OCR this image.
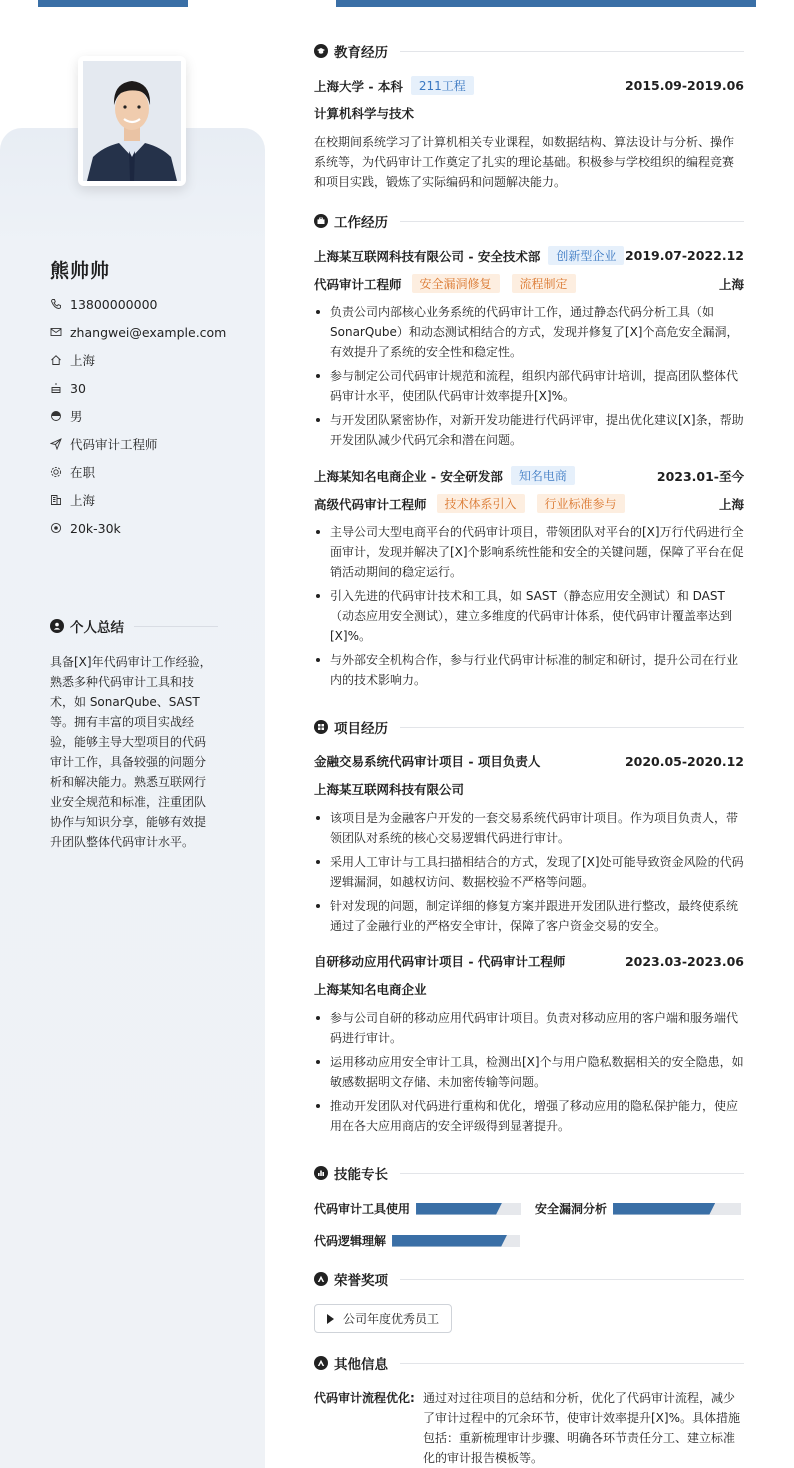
熊帅帅
13800000000
zhangwei@example.com
上海
30
男
代码审计工程师
在职
上海
20k-30k
个人总结
具备[X]年代码审计工作经验，熟悉多种代码审计工具和技术，如 SonarQube、SAST 等。拥有丰富的项目实战经验，能够主导大型项目的代码审计工作，具备较强的问题分析和解决能力。熟悉互联网行业安全规范和标准，注重团队协作与知识分享，能够有效提升团队整体代码审计水平。
教育经历
上海大学 - 本科	211工程	2015.09-2019.06
计算机科学与技术
在校期间系统学习了计算机相关专业课程，如数据结构、算法设计与分析、操作系统等，为代码审计工作奠定了扎实的理论基础。积极参与学校组织的编程竞赛和项目实践，锻炼了实际编码和问题解决能力。
工作经历
上海某互联网科技有限公司 - 安全技术部	创新型企业 2019.07-2022.12
代码审计工程师	安全漏洞修复	流程制定	上海
负责公司内部核心业务系统的代码审计工作，通过静态代码分析工具（如 SonarQube）和动态测试相结合的方式，发现并修复了[X]个高危安全漏洞，有效提升了系统的安全性和稳定性。
参与制定公司代码审计规范和流程，组织内部代码审计培训，提高团队整体代码审计水平，使团队代码审计效率提升[X]%。
与开发团队紧密协作，对新开发功能进行代码评审，提出优化建议[X]条，帮助开发团队减少代码冗余和潜在问题。
上海某知名电商企业 - 安全研发部	知名电商	2023.01-至今
高级代码审计工程师	技术体系引入	行业标准参与	上海
主导公司大型电商平台的代码审计项目，带领团队对平台的[X]万行代码进行全面审计，发现并解决了[X]个影响系统性能和安全的关键问题，保障了平台在促销活动期间的稳定运行。
引入先进的代码审计技术和工具，如 SAST（静态应用安全测试）和 DAST（动态应用安全测试），建立多维度的代码审计体系，使代码审计覆盖率达到[X]%。
与外部安全机构合作，参与行业代码审计标准的制定和研讨，提升公司在行业内的技术影响力。
项目经历
金融交易系统代码审计项目 - 项目负责人	2020.05-2020.12
上海某互联网科技有限公司
该项目是为金融客户开发的一套交易系统代码审计项目。作为项目负责人，带领团队对系统的核心交易逻辑代码进行审计。
采用人工审计与工具扫描相结合的方式，发现了[X]处可能导致资金风险的代码逻辑漏洞，如越权访问、数据校验不严格等问题。
针对发现的问题，制定详细的修复方案并跟进开发团队进行整改，最终使系统通过了金融行业的严格安全审计，保障了客户资金交易的安全。
自研移动应用代码审计项目 - 代码审计工程师	2023.03-2023.06
上海某知名电商企业
参与公司自研的移动应用代码审计项目。负责对移动应用的客户端和服务端代码进行审计。
运用移动应用安全审计工具，检测出[X]个与用户隐私数据相关的安全隐患，如敏感数据明文存储、未加密传输等问题。
推动开发团队对代码进行重构和优化，增强了移动应用的隐私保护能力，使应用在各大应用商店的安全评级得到显著提升。
技能专长
代码审计工具使用	安全漏洞分析
代码逻辑理解
荣誉奖项
公司年度优秀员工
其他信息
代码审计流程优化: 通过对过往项目的总结和分析，优化了代码审计流程，减少了审计过程中的冗余环节，使审计效率提升[X]%。具体措施包括：重新梳理审计步骤、明确各环节责任分工、建立标准化的审计报告模板等。
